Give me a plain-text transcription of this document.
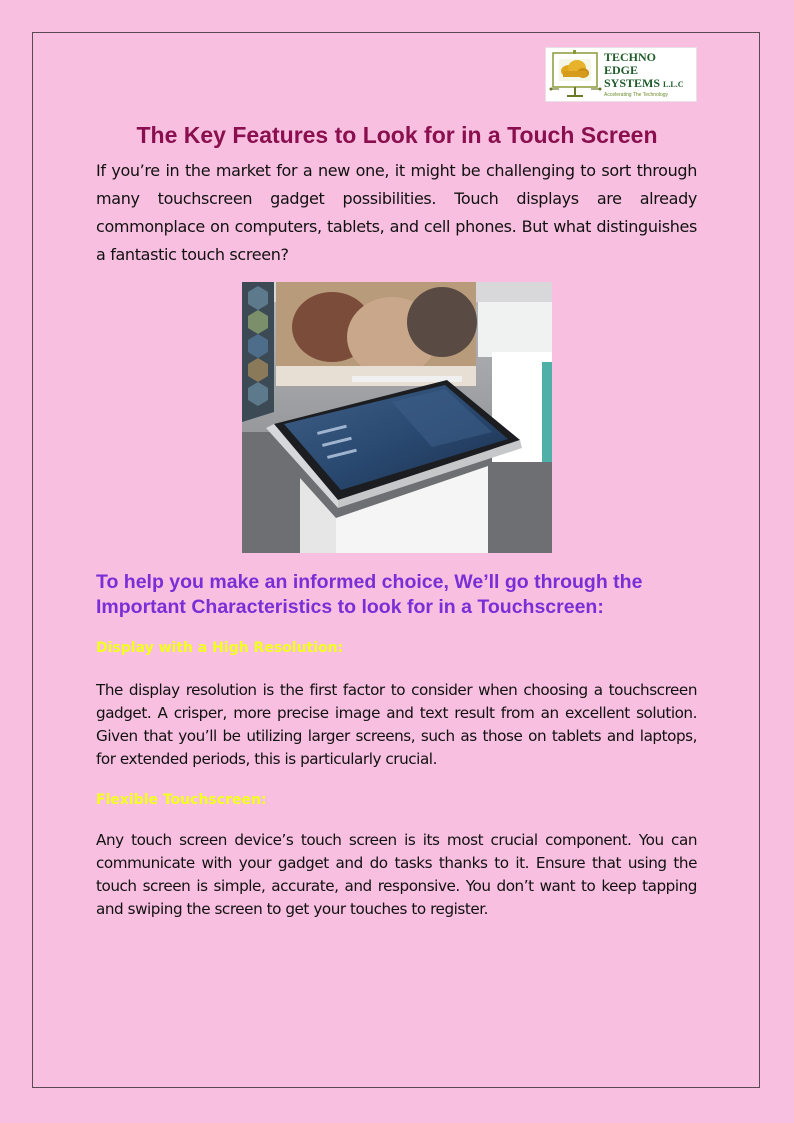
TECHNO
EDGE
SYSTEMS L.L.C
Accelerating The Technology
The Key Features to Look for in a Touch Screen

If you’re in the market for a new one, it might be challenging to sort through many touchscreen gadget possibilities. Touch displays are already commonplace on computers, tablets, and cell phones. But what distinguishes a fantastic touch screen?

To help you make an informed choice, We’ll go through the Important Characteristics to look for in a Touchscreen:
Display with a High Resolution:

The display resolution is the first factor to consider when choosing a touchscreen gadget. A crisper, more precise image and text result from an excellent solution. Given that you’ll be utilizing larger screens, such as those on tablets and laptops, for extended periods, this is particularly crucial.

Flexible Touchscreen:

Any touch screen device’s touch screen is its most crucial component. You can communicate with your gadget and do tasks thanks to it. Ensure that using the touch screen is simple, accurate, and responsive. You don’t want to keep tapping and swiping the screen to get your touches to register.
